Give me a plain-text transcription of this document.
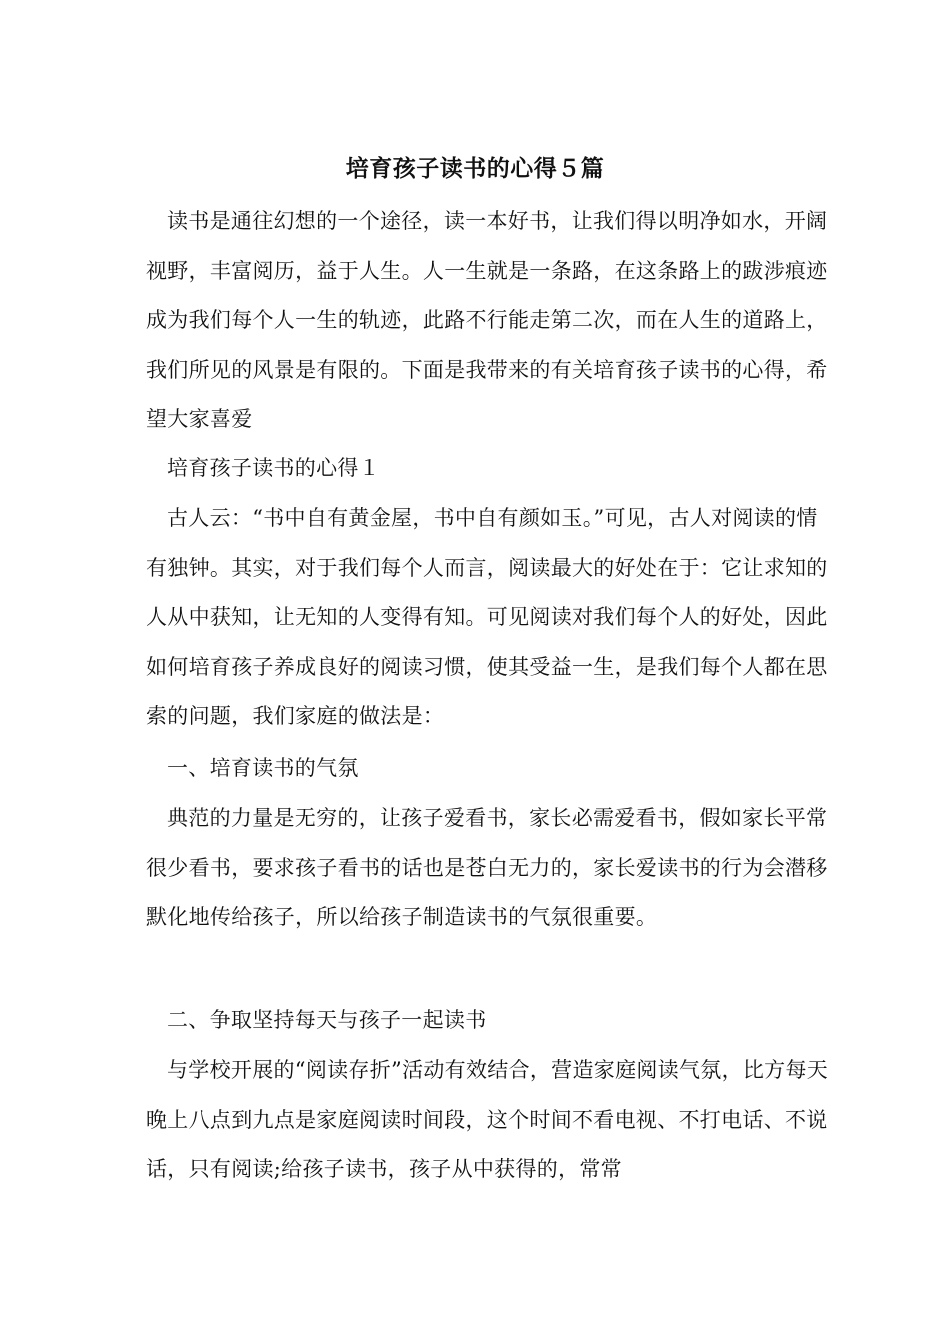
培育孩子读书的心得５篇

读书是通往幻想的一个途径，读一本好书，让我们得以明净如水，开阔视野，丰富阅历，益于人生。人一生就是一条路，在这条路上的跋涉痕迹成为我们每个人一生的轨迹，此路不行能走第二次，而在人生的道路上，我们所见的风景是有限的。下面是我带来的有关培育孩子读书的心得，希望大家喜爱

培育孩子读书的心得１

古人云：“书中自有黄金屋，书中自有颜如玉。”可见，古人对阅读的情有独钟。其实，对于我们每个人而言，阅读最大的好处在于：它让求知的人从中获知，让无知的人变得有知。可见阅读对我们每个人的好处，因此如何培育孩子养成良好的阅读习惯，使其受益一生，是我们每个人都在思索的问题，我们家庭的做法是：

一、培育读书的气氛

典范的力量是无穷的，让孩子爱看书，家长必需爱看书，假如家长平常很少看书，要求孩子看书的话也是苍白无力的，家长爱读书的行为会潜移默化地传给孩子，所以给孩子制造读书的气氛很重要。

二、争取坚持每天与孩子一起读书

与学校开展的“阅读存折”活动有效结合，营造家庭阅读气氛，比方每天晚上八点到九点是家庭阅读时间段，这个时间不看电视、不打电话、不说话，只有阅读;给孩子读书，孩子从中获得的，常常
